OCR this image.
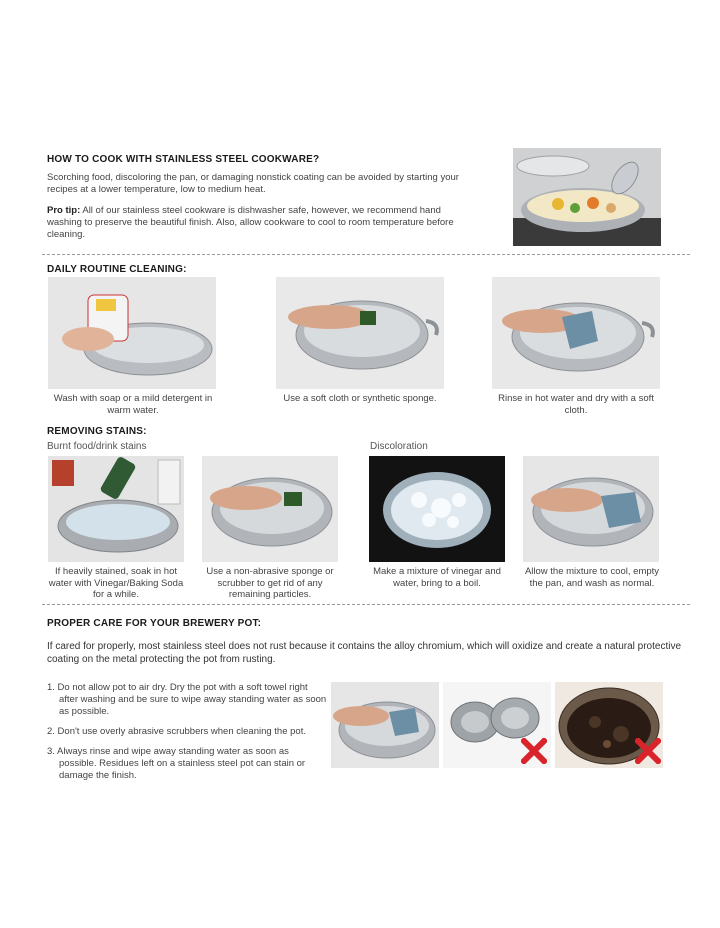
HOW TO COOK WITH STAINLESS STEEL COOKWARE?
Scorching food, discoloring the pan, or damaging nonstick coating can be avoided by starting your recipes at a lower temperature, low to medium heat.
Pro tip: All of our stainless steel cookware is dishwasher safe, however, we recommend hand washing to preserve the beautiful finish. Also, allow cookware to cool to room temperature before cleaning.
DAILY ROUTINE CLEANING:
Wash with soap or a mild detergent in warm water.
Use a soft cloth or synthetic sponge.	Rinse in hot water and dry with a soft cloth.
REMOVING STAINS:
Burnt food/drink stains	Discoloration
If heavily stained, soak in hot water with Vinegar/Baking Soda for a while.
Use a non-abrasive sponge or scrubber to get rid of any remaining particles.
Make a mixture of vinegar and water, bring to a boil.
Allow the mixture to cool, empty the pan, and wash as normal.
PROPER CARE FOR YOUR BREWERY POT:
If cared for properly, most stainless steel does not rust because it contains the alloy chromium, which will oxidize and create a natural protective coating on the metal protecting the pot from rusting.
1. Do not allow pot to air dry. Dry the pot with a soft towel right after washing and be sure to wipe away standing water as soon as possible.
2. Don't use overly abrasive scrubbers when cleaning the pot.
3. Always rinse and wipe away standing water as soon as possible. Residues left on a stainless steel pot can stain or damage the finish.
